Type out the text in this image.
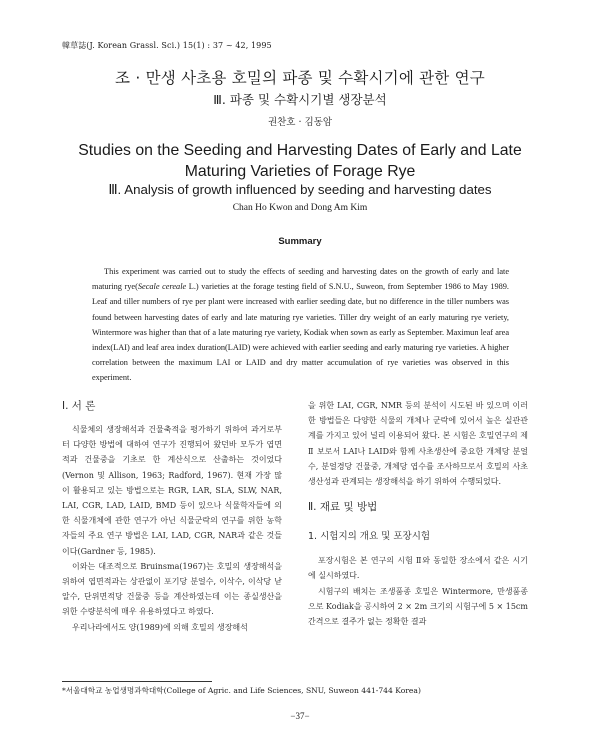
韓草誌(J. Korean Grassl. Sci.) 15(1) : 37 ~ 42, 1995
조 · 만생 사초용 호밀의 파종 및 수확시기에 관한 연구
Ⅲ. 파종 및 수확시기별 생장분석
권찬호 · 김동암
Studies on the Seeding and Harvesting Dates of Early and Late Maturing Varieties of Forage Rye
Ⅲ. Analysis of growth influenced by seeding and harvesting dates
Chan Ho Kwon and Dong Am Kim
Summary

This experiment was carried out to study the effects of seeding and harvesting dates on the growth of early and late maturing rye(Secale cereale L.) varieties at the forage testing field of S.N.U., Suweon, from September 1986 to May 1989. Leaf and tiller numbers of rye per plant were increased with earlier seeding date, but no difference in the tiller numbers was found between harvesting dates of early and late maturing rye varieties. Tiller dry weight of an early maturing rye veriety, Wintermore was higher than that of a late maturing rye variety, Kodiak when sown as early as September. Maximun leaf area index(LAI) and leaf area index duration(LAID) were achieved with earlier seeding and early maturing rye varieties. A higher correlation between the maximum LAI or LAID and dry matter accumulation of rye varieties was observed in this experiment.

Ⅰ. 서 론

식물체의 생장해석과 건물축적을 평가하기 위하여 과거로부터 다양한 방법에 대하여 연구가 진행되어 왔던바 모두가 엽면적과 건물중을 기초로 한 계산식으로 산출하는 것이었다(Vernon 및 Allison, 1963; Radford, 1967). 현재 가장 많이 활용되고 있는 방법으로는 RGR, LAR, SLA, SLW, NAR, LAI, CGR, LAD, LAID, BMD 등이 있으나 식물학자들에 의한 식물개체에 관한 연구가 아닌 식물군락의 연구를 위한 농학자들의 주요 연구 방법은 LAI, LAD, CGR, NAR과 같은 것들이다(Gardner 등, 1985).

이와는 대조적으로 Bruinsma(1967)는 호밀의 생장해석을 위하여 엽면적과는 상관없이 포기당 분얼수, 이삭수, 이삭당 낟알수, 단위면적당 건물중 등을 계산하였는데 이는 종실생산을 위한 수량분석에 매우 유용하였다고 하였다.

우리나라에서도 양(1989)에 의해 호밀의 생장해석

을 위한 LAI, CGR, NMR 등의 분석이 시도된 바 있으며 이러한 방법들은 다양한 식물의 개체나 군락에 있어서 높은 실관관계를 가지고 있어 널리 이용되어 왔다. 본 시험은 호밀연구의 제 Ⅱ 보로서 LAI나 LAID와 함께 사초생산에 중요한 개체당 분얼수, 분얼경당 건물중, 개체당 엽수를 조사하므로서 호밀의 사초생산성과 관계되는 생장해석을 하기 위하여 수행되었다.

Ⅱ. 재료 및 방법
1. 시험지의 개요 및 포장시험

포장시험은 본 연구의 시험 Ⅱ와 동일한 장소에서 같은 시기에 실시하였다.

시험구의 배치는 조생품종 호밀은 Wintermore, 만생품종으로 Kodiak을 공시하여 2 × 2m 크기의 시험구에 5 × 15cm 간격으로 결주가 없는 정확한 결과

*서울대학교 농업생명과학대학(College of Agric. and Life Sciences, SNU, Suweon 441-744 Korea)
−37−
